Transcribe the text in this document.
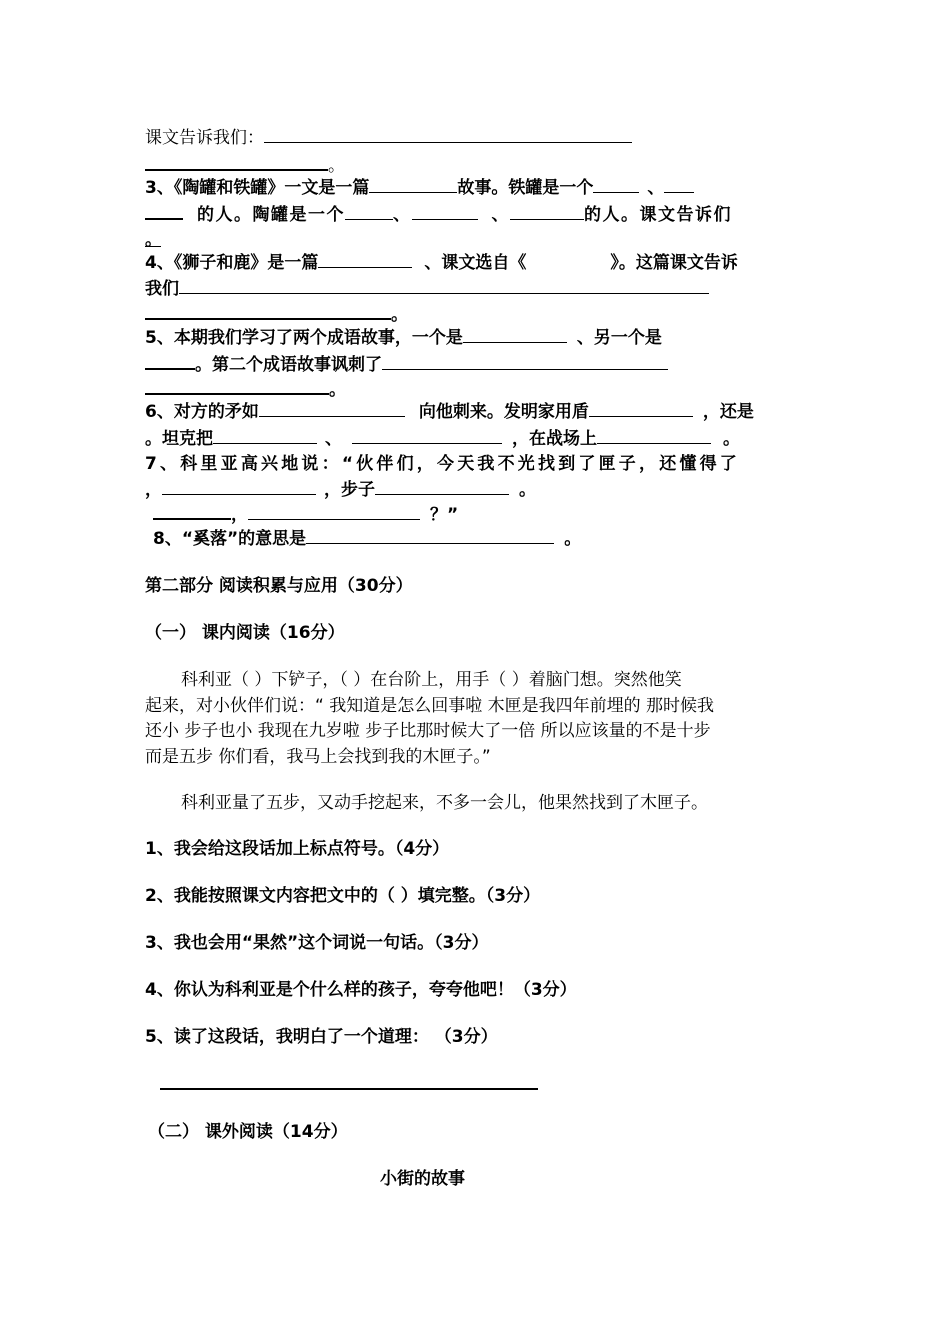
课文告诉我们：
。
3、《陶罐和铁罐》一文是一篇	故事。铁罐是一个	、
的人。陶罐是一个	、	、	的人。课文告诉们
。
4、《狮子和鹿》是一篇	、课文选自《	》。这篇课文告诉
我们
。
5、本期我们学习了两个成语故事，一个是	、另一个是
。第二个成语故事讽刺了
。
6、对方的矛如	向他刺来。发明家用盾	，还是
。坦克把	、	，在战场上	。
7、科里亚高兴地说：“伙伴们，今天我不光找到了匣子，还懂得了
，	，步子	。
，	？”
8、“奚落”的意思是	。
第二部分 阅读积累与应用（30分）
（一） 课内阅读（16分）
科利亚（ ）下铲子，（ ）在台阶上，用手（ ）着脑门想。突然他笑
起来，对小伙伴们说：“ 我知道是怎么回事啦 木匣是我四年前埋的 那时候我
还小 步子也小 我现在九岁啦 步子比那时候大了一倍 所以应该量的不是十步
而是五步 你们看，我马上会找到我的木匣子。”
科利亚量了五步，又动手挖起来，不多一会儿，他果然找到了木匣子。
1、我会给这段话加上标点符号。（4分）
2、我能按照课文内容把文中的（ ）填完整。（3分）
3、我也会用“果然”这个词说一句话。（3分）
4、你认为科利亚是个什么样的孩子，夸夸他吧！（3分）
5、读了这段话，我明白了一个道理： （3分）
（二） 课外阅读（14分）
小街的故事
